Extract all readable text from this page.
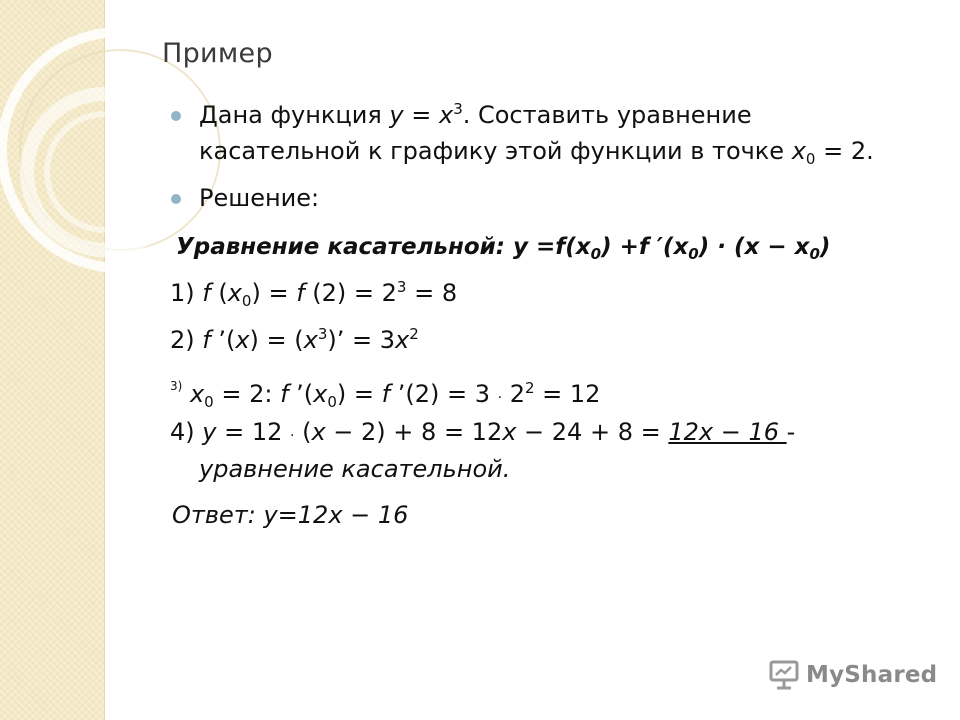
Пример
Дана функция $y = x^3$. Составить уравнение
касательной к графику этой функции в точке $x_0 = 2$.
Решение:
Уравнение касательной: $y =f(x_0) +f$ $'(x_0) \cdot (x - x_0)$
1) f $(x_0) = f$ $(2) = 2^3 = 8$
2) f ’(x) = $(x^3)$’ = $3x^2$
$^{3)}$ $x_0 = 2$: f $’(x_0) = f$ ’(2) = $3 \cdot 2^2 = 12$
4) y = 12 · (x − 2) + 8 = 12x − 24 + 8 = 12x − 16 -
уравнение касательной.
Ответ: y=12x − 16
MyShared
